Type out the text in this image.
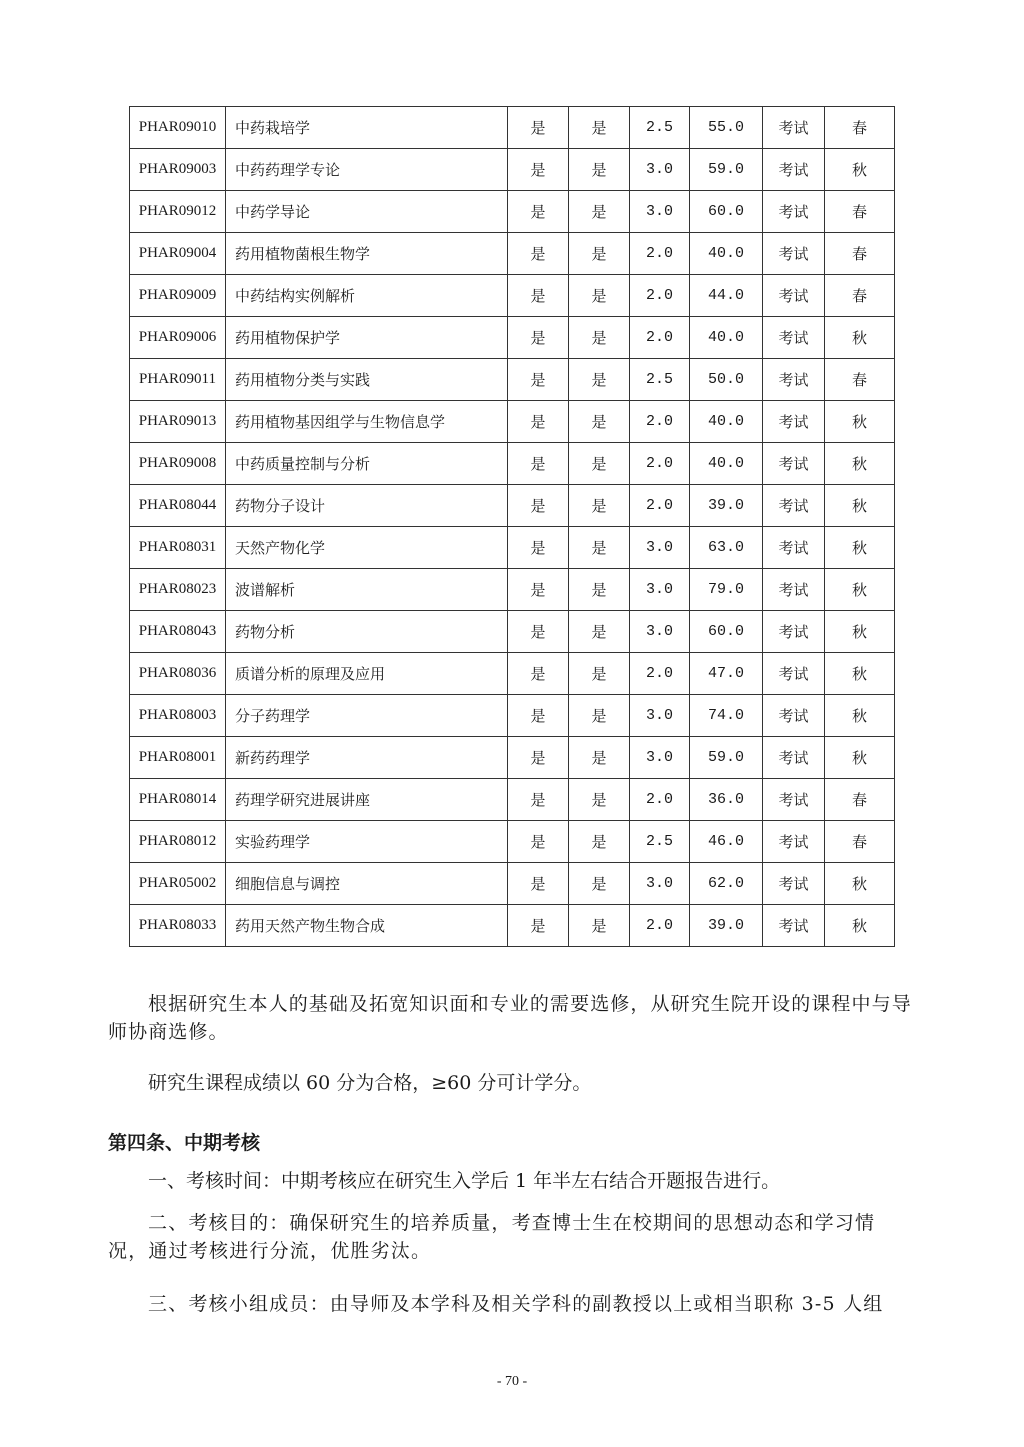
PHAR09010	中药栽培学	是	是	2.5	55.0	考试	春
PHAR09003	中药药理学专论	是	是	3.0	59.0	考试	秋
PHAR09012	中药学导论	是	是	3.0	60.0	考试	春
PHAR09004	药用植物菌根生物学	是	是	2.0	40.0	考试	春
PHAR09009	中药结构实例解析	是	是	2.0	44.0	考试	春
PHAR09006	药用植物保护学	是	是	2.0	40.0	考试	秋
PHAR09011	药用植物分类与实践	是	是	2.5	50.0	考试	春
PHAR09013	药用植物基因组学与生物信息学	是	是	2.0	40.0	考试	秋
PHAR09008	中药质量控制与分析	是	是	2.0	40.0	考试	秋
PHAR08044	药物分子设计	是	是	2.0	39.0	考试	秋
PHAR08031	天然产物化学	是	是	3.0	63.0	考试	秋
PHAR08023	波谱解析	是	是	3.0	79.0	考试	秋
PHAR08043	药物分析	是	是	3.0	60.0	考试	秋
PHAR08036	质谱分析的原理及应用	是	是	2.0	47.0	考试	秋
PHAR08003	分子药理学	是	是	3.0	74.0	考试	秋
PHAR08001	新药药理学	是	是	3.0	59.0	考试	秋
PHAR08014	药理学研究进展讲座	是	是	2.0	36.0	考试	春
PHAR08012	实验药理学	是	是	2.5	46.0	考试	春
PHAR05002	细胞信息与调控	是	是	3.0	62.0	考试	秋
PHAR08033	药用天然产物生物合成	是	是	2.0	39.0	考试	秋

根据研究生本人的基础及拓宽知识面和专业的需要选修，从研究生院开设的课程中与导师协商选修。

研究生课程成绩以 60 分为合格，≥60 分可计学分。

第四条、中期考核

一、考核时间：中期考核应在研究生入学后 1 年半左右结合开题报告进行。

二、考核目的：确保研究生的培养质量，考查博士生在校期间的思想动态和学习情况，通过考核进行分流，优胜劣汰。

三、考核小组成员：由导师及本学科及相关学科的副教授以上或相当职称 3-5 人组

- 70 -
